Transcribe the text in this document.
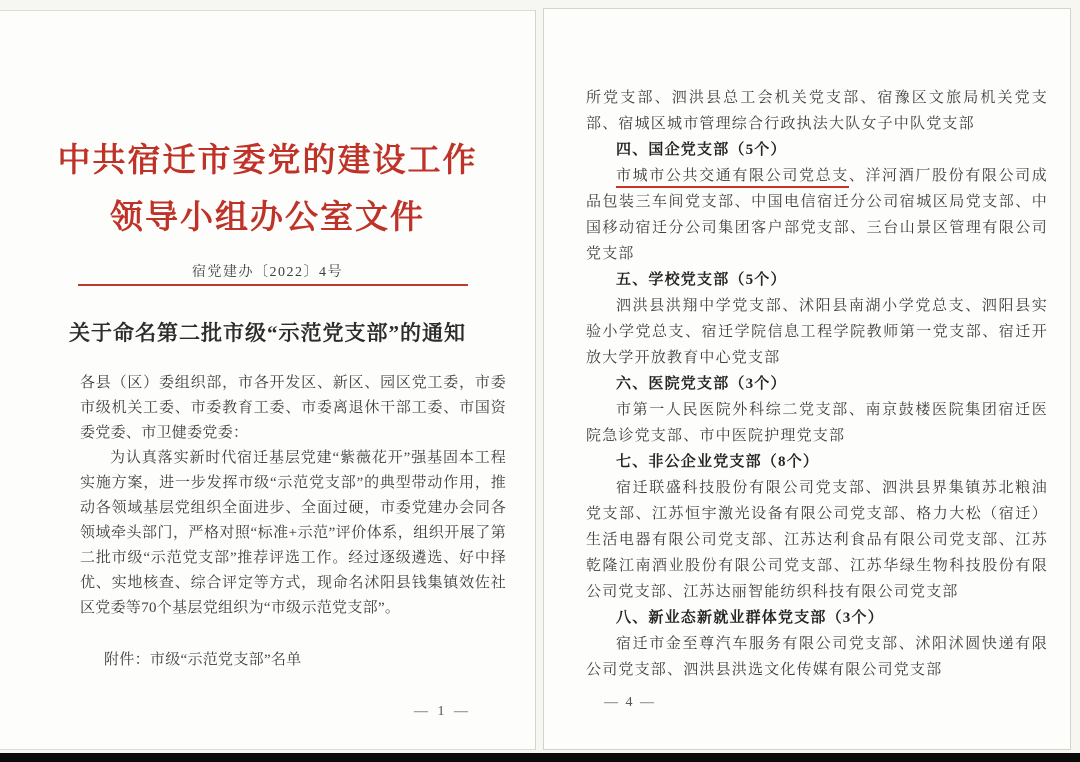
中共宿迁市委党的建设工作
领导小组办公室文件
宿党建办〔2022〕4号
关于命名第二批市级“示范党支部”的通知

各县（区）委组织部，市各开发区、新区、园区党工委，市委市级机关工委、市委教育工委、市委离退休干部工委、市国资委党委、市卫健委党委：

为认真落实新时代宿迁基层党建“紫薇花开”强基固本工程实施方案，进一步发挥市级“示范党支部”的典型带动作用，推动各领域基层党组织全面进步、全面过硬，市委党建办会同各领域牵头部门，严格对照“标准+示范”评价体系，组织开展了第二批市级“示范党支部”推荐评选工作。经过逐级遴选、好中择优、实地核查、综合评定等方式，现命名沭阳县钱集镇效佐社区党委等70个基层党组织为“市级示范党支部”。

附件：市级“示范党支部”名单
— 1 —

所党支部、泗洪县总工会机关党支部、宿豫区文旅局机关党支部、宿城区城市管理综合行政执法大队女子中队党支部

四、国企党支部（5个）

市城市公共交通有限公司党总支、洋河酒厂股份有限公司成品包装三车间党支部、中国电信宿迁分公司宿城区局党支部、中国移动宿迁分公司集团客户部党支部、三台山景区管理有限公司党支部

五、学校党支部（5个）

泗洪县洪翔中学党支部、沭阳县南湖小学党总支、泗阳县实验小学党总支、宿迁学院信息工程学院教师第一党支部、宿迁开放大学开放教育中心党支部

六、医院党支部（3个）

市第一人民医院外科综二党支部、南京鼓楼医院集团宿迁医院急诊党支部、市中医院护理党支部

七、非公企业党支部（8个）

宿迁联盛科技股份有限公司党支部、泗洪县界集镇苏北粮油党支部、江苏恒宇激光设备有限公司党支部、格力大松（宿迁）生活电器有限公司党支部、江苏达利食品有限公司党支部、江苏乾隆江南酒业股份有限公司党支部、江苏华绿生物科技股份有限公司党支部、江苏达丽智能纺织科技有限公司党支部

八、新业态新就业群体党支部（3个）

宿迁市金至尊汽车服务有限公司党支部、沭阳沭圆快递有限公司党支部、泗洪县洪选文化传媒有限公司党支部

— 4 —
